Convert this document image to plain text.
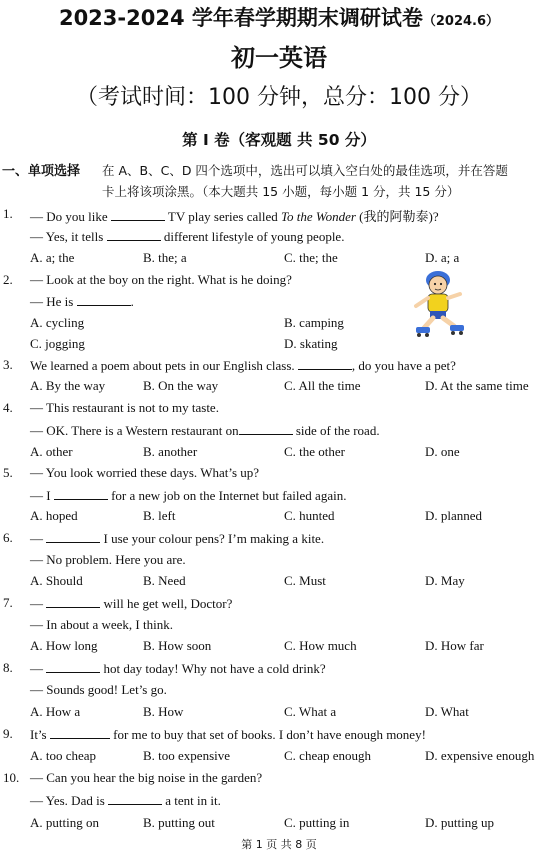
2023-2024 学年春学期期末调研试卷（2024.6）
初一英语
（考试时间：100 分钟，总分：100 分）
第 I 卷（客观题 共 50 分）
一、单项选择 在 A、B、C、D 四个选项中，选出可以填入空白处的最佳选项，并在答题
卡上将该项涂黑。（本大题共 15 小题，每小题 1 分，共 15 分）
1. — Do you like	TV play series called To the Wonder (我的阿勒泰)?
— Yes, it tells	different lifestyle of young people.
A. a; the	B. the; a	C. the; the	D. a; a
2. — Look at the boy on the right. What is he doing?
— He is	.
A. cycling	B. camping
C. jogging	D. skating
3. We learned a poem about pets in our English class.	, do you have a pet?
A. By the way	B. On the way	C. All the time	D. At the same time
4. — This restaurant is not to my taste.
— OK. There is a Western restaurant on	side of the road.
A. other	B. another	C. the other	D. one
5. — You look worried these days. What’s up?
— I	for a new job on the Internet but failed again.
A. hoped	B. left	C. hunted	D. planned
6. —	I use your colour pens? I’m making a kite.
— No problem. Here you are.
A. Should	B. Need	C. Must	D. May
7. —	will he get well, Doctor?
— In about a week, I think.
A. How long	B. How soon	C. How much	D. How far
8. —	hot day today! Why not have a cold drink?
— Sounds good! Let’s go.
A. How a	B. How	C. What a	D. What
9. It’s	for me to buy that set of books. I don’t have enough money!
A. too cheap	B. too expensive	C. cheap enough	D. expensive enough
10. — Can you hear the big noise in the garden?
— Yes. Dad is	a tent in it.
A. putting on	B. putting out	C. putting in	D. putting up
第 1 页 共 8 页
